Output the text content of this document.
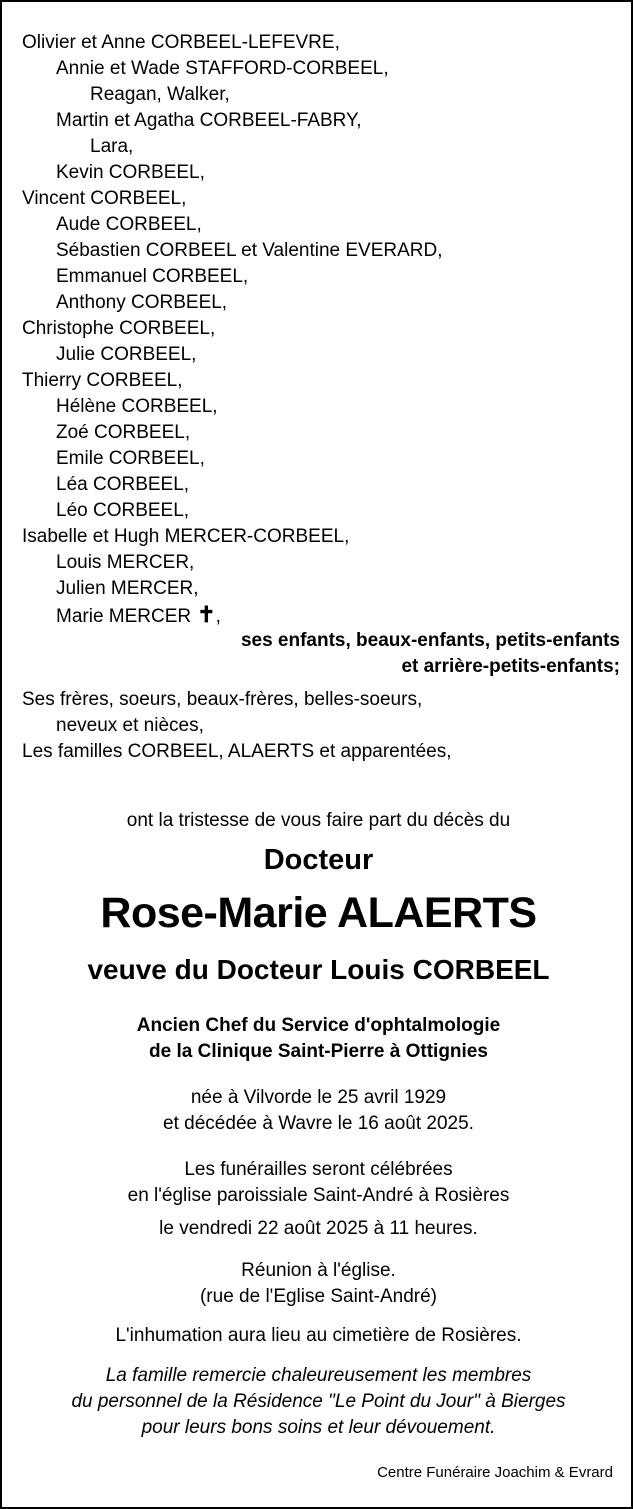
Olivier et Anne CORBEEL-LEFEVRE,
Annie et Wade STAFFORD-CORBEEL,
Reagan, Walker,
Martin et Agatha CORBEEL-FABRY,
Lara,
Kevin CORBEEL,
Vincent CORBEEL,
Aude CORBEEL,
Sébastien CORBEEL et Valentine EVERARD,
Emmanuel CORBEEL,
Anthony CORBEEL,
Christophe CORBEEL,
Julie CORBEEL,
Thierry CORBEEL,
Hélène CORBEEL,
Zoé CORBEEL,
Emile CORBEEL,
Léa CORBEEL,
Léo CORBEEL,
Isabelle et Hugh MERCER-CORBEEL,
Louis MERCER,
Julien MERCER,
Marie MERCER ✝,
ses enfants, beaux-enfants, petits-enfants
et arrière-petits-enfants;
Ses frères, soeurs, beaux-frères, belles-soeurs,
neveux et nièces,
Les familles CORBEEL, ALAERTS et apparentées,
ont la tristesse de vous faire part du décès du
Docteur
Rose-Marie ALAERTS
veuve du Docteur Louis CORBEEL
Ancien Chef du Service d'ophtalmologie
de la Clinique Saint-Pierre à Ottignies
née à Vilvorde le 25 avril 1929
et décédée à Wavre le 16 août 2025.
Les funérailles seront célébrées
en l'église paroissiale Saint-André à Rosières
le vendredi 22 août 2025 à 11 heures.
Réunion à l'église.
(rue de l'Eglise Saint-André)
L'inhumation aura lieu au cimetière de Rosières.
La famille remercie chaleureusement les membres
du personnel de la Résidence "Le Point du Jour" à Bierges
pour leurs bons soins et leur dévouement.
Centre Funéraire Joachim & Evrard
